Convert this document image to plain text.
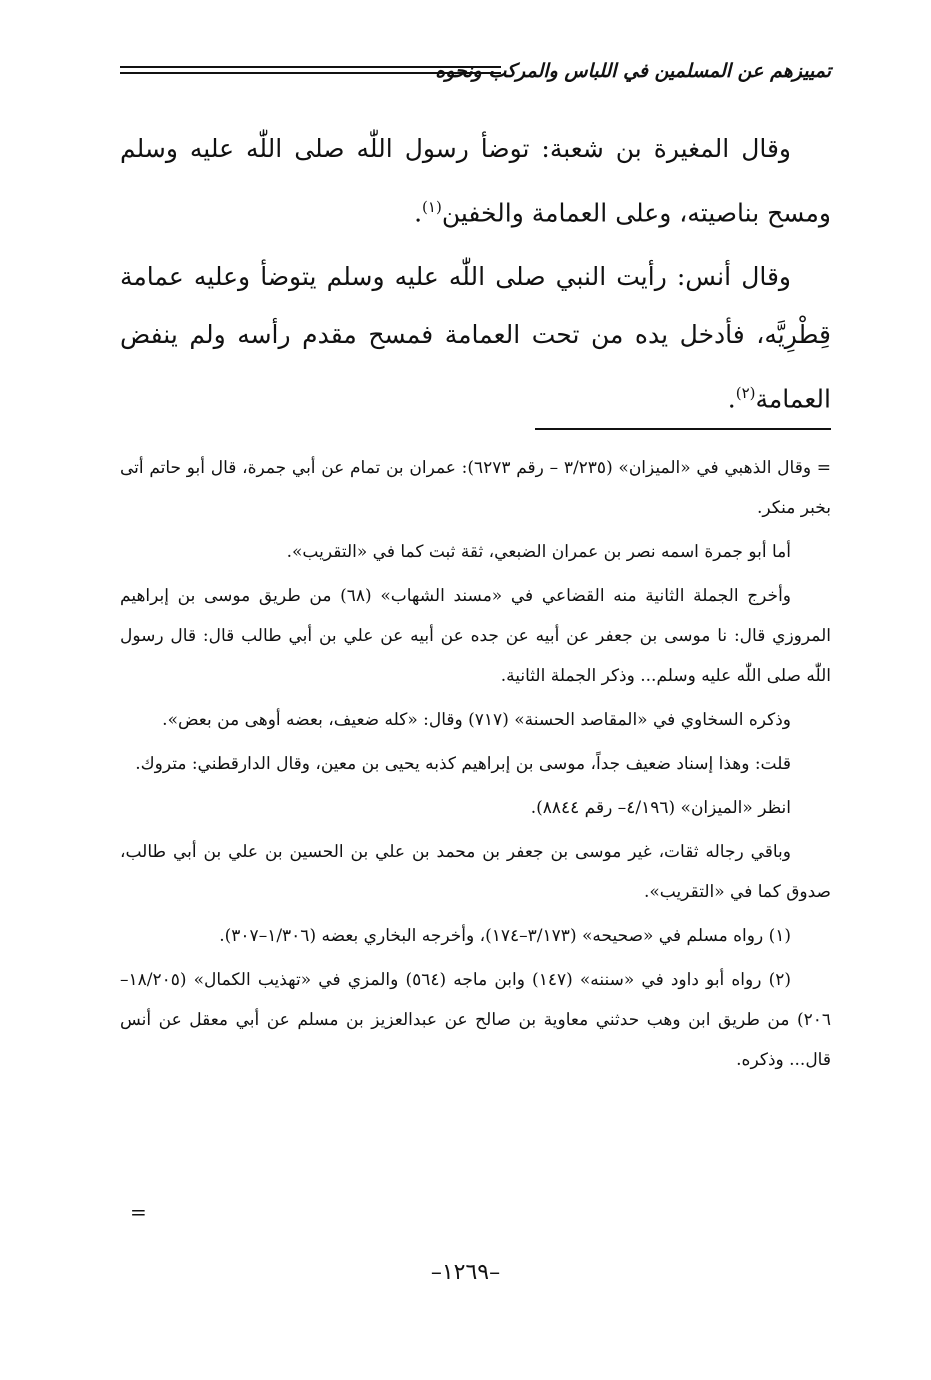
تمييزهم عن المسلمين في اللباس والمركب ونحوه

وقال المغيرة بن شعبة: توضأ رسول اللّٰه صلى اللّٰه عليه وسلم ومسح بناصيته، وعلى العمامة والخفين$^{(١)}$.

وقال أنس: رأيت النبي صلى اللّٰه عليه وسلم يتوضأ وعليه عمامة قِطْرِيَّه، فأدخل يده من تحت العمامة فمسح مقدم رأسه ولم ينفض العمامة$^{(٢)}$.

= وقال الذهبي في «الميزان» (٣/٢٣٥ – رقم ٦٢٧٣): عمران بن تمام عن أبي جمرة، قال أبو حاتم أتى بخبر منكر.

أما أبو جمرة اسمه نصر بن عمران الضبعي، ثقة ثبت كما في «التقريب».

وأخرج الجملة الثانية منه القضاعي في «مسند الشهاب» (٦٨) من طريق موسى بن إبراهيم المروزي قال: نا موسى بن جعفر عن أبيه عن جده عن أبيه عن علي بن أبي طالب قال: قال رسول اللّٰه صلى اللّٰه عليه وسلم... وذكر الجملة الثانية.

وذكره السخاوي في «المقاصد الحسنة» (٧١٧) وقال: «كله ضعيف، بعضه أوهى من بعض».

قلت: وهذا إسناد ضعيف جداً، موسى بن إبراهيم كذبه يحيى بن معين، وقال الدارقطني: متروك.

انظر «الميزان» (٤/١٩٦– رقم ٨٨٤٤).

وباقي رجاله ثقات، غير موسى بن جعفر بن محمد بن علي بن الحسين بن علي بن أبي طالب، صدوق كما في «التقريب».

(١) رواه مسلم في «صحيحه» (٣/١٧٣–١٧٤)، وأخرجه البخاري بعضه (١/٣٠٦–٣٠٧).

(٢) رواه أبو داود في «سننه» (١٤٧) وابن ماجه (٥٦٤) والمزي في «تهذيب الكمال» (١٨/٢٠٥–٢٠٦) من طريق ابن وهب حدثني معاوية بن صالح عن عبدالعزيز بن مسلم عن أبي معقل عن أنس قال... وذكره.

=
–١٢٦٩–
